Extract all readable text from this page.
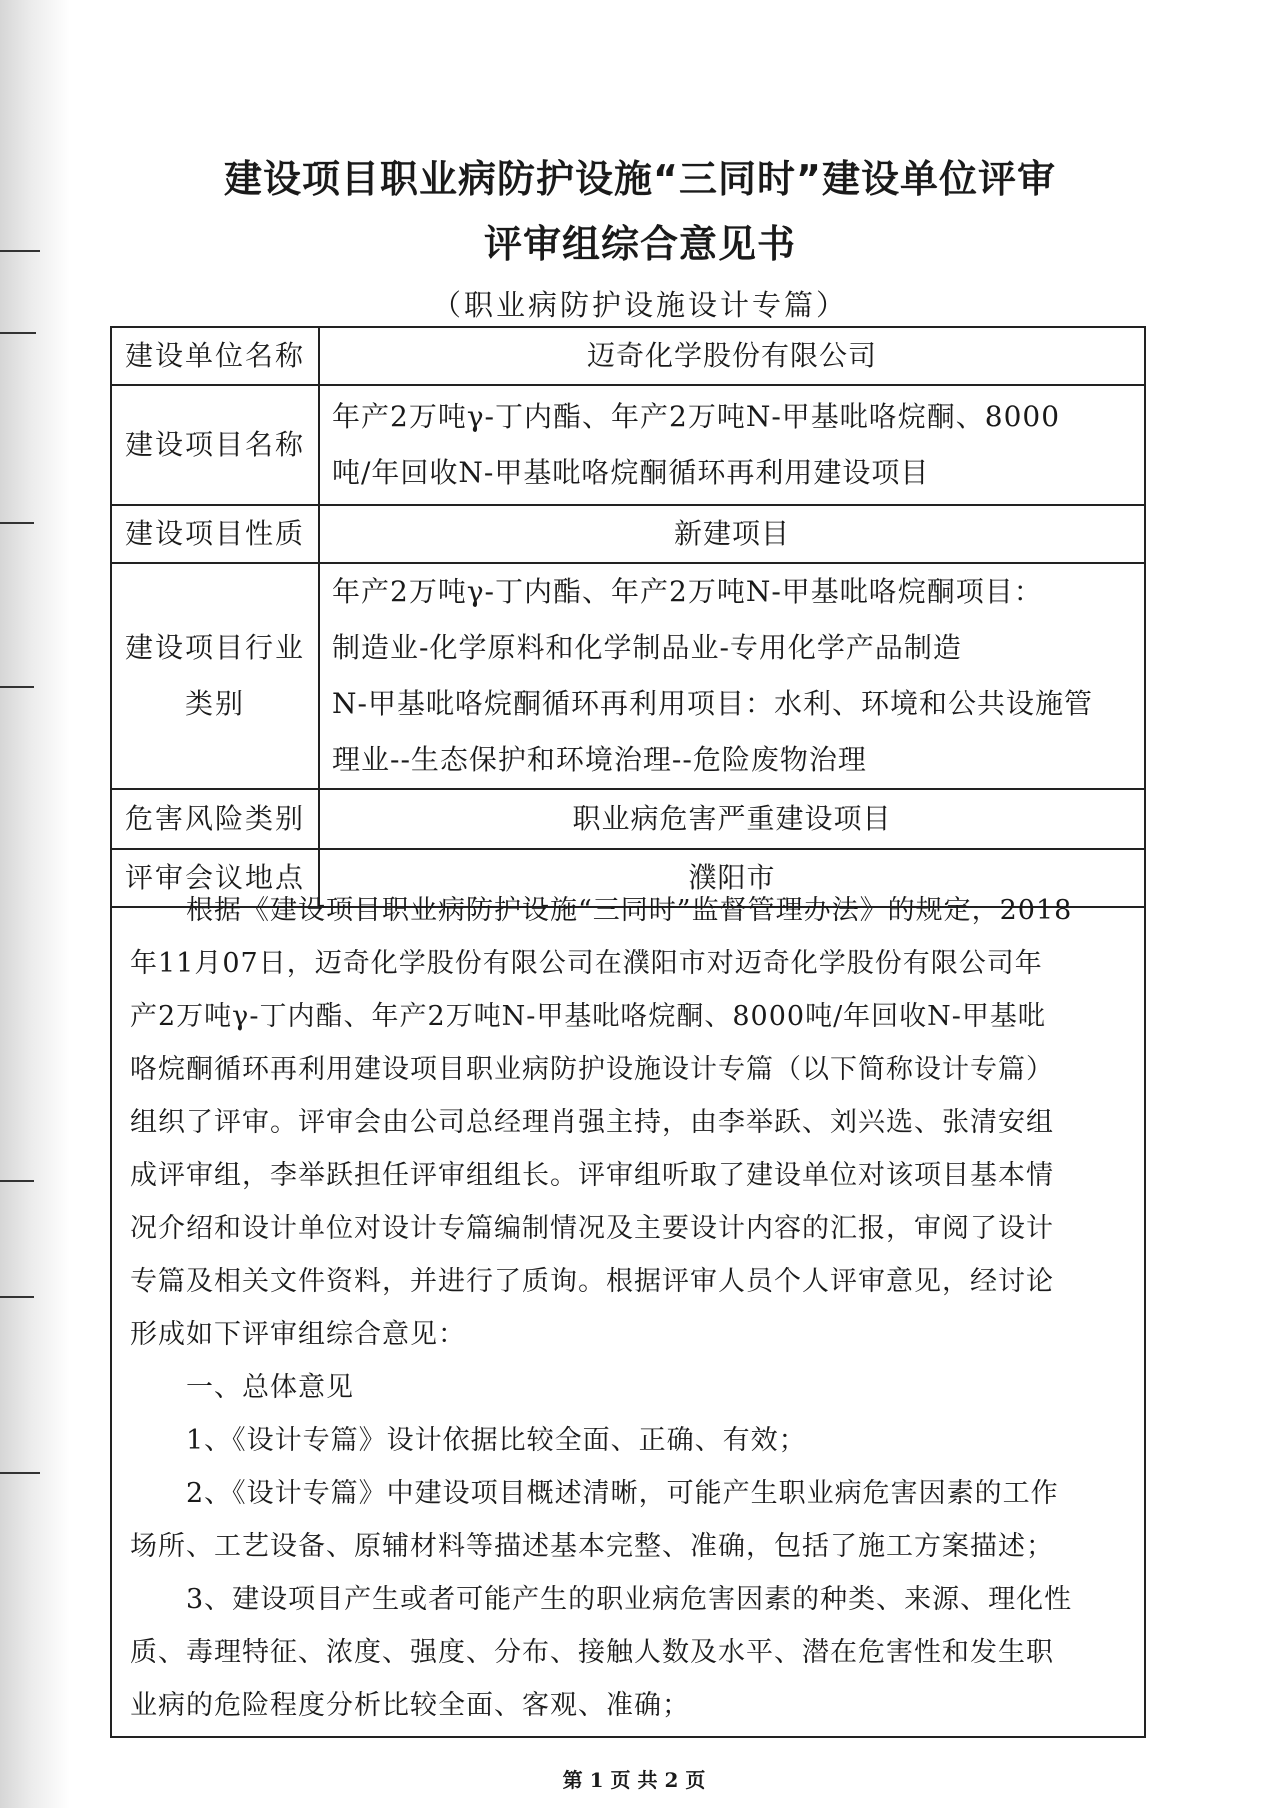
建设项目职业病防护设施“三同时”建设单位评审
评审组综合意见书
（职业病防护设施设计专篇）
建设单位名称	迈奇化学股份有限公司

建设项目名称	年产2万吨γ-丁内酯、年产2万吨N-甲基吡咯烷酮、8000
吨/年回收N-甲基吡咯烷酮循环再利用建设项目

建设项目性质	新建项目

建设项目行业
类别	年产2万吨γ-丁内酯、年产2万吨N-甲基吡咯烷酮项目：
制造业-化学原料和化学制品业-专用化学产品制造
N-甲基吡咯烷酮循环再利用项目：水利、环境和公共设施管
理业--生态保护和环境治理--危险废物治理

危害风险类别	职业病危害严重建设项目

评审会议地点	濮阳市
　　根据《建设项目职业病防护设施“三同时”监督管理办法》的规定，2018
年11月07日，迈奇化学股份有限公司在濮阳市对迈奇化学股份有限公司年
产2万吨γ-丁内酯、年产2万吨N-甲基吡咯烷酮、8000吨/年回收N-甲基吡
咯烷酮循环再利用建设项目职业病防护设施设计专篇（以下简称设计专篇）
组织了评审。评审会由公司总经理肖强主持，由李举跃、刘兴选、张清安组
成评审组，李举跃担任评审组组长。评审组听取了建设单位对该项目基本情
况介绍和设计单位对设计专篇编制情况及主要设计内容的汇报，审阅了设计
专篇及相关文件资料，并进行了质询。根据评审人员个人评审意见，经讨论
形成如下评审组综合意见：
　　一、总体意见
　　1、《设计专篇》设计依据比较全面、正确、有效；
　　2、《设计专篇》中建设项目概述清晰，可能产生职业病危害因素的工作
场所、工艺设备、原辅材料等描述基本完整、准确，包括了施工方案描述；
　　3、建设项目产生或者可能产生的职业病危害因素的种类、来源、理化性
质、毒理特征、浓度、强度、分布、接触人数及水平、潜在危害性和发生职
业病的危险程度分析比较全面、客观、准确；
第 1 页 共 2 页
